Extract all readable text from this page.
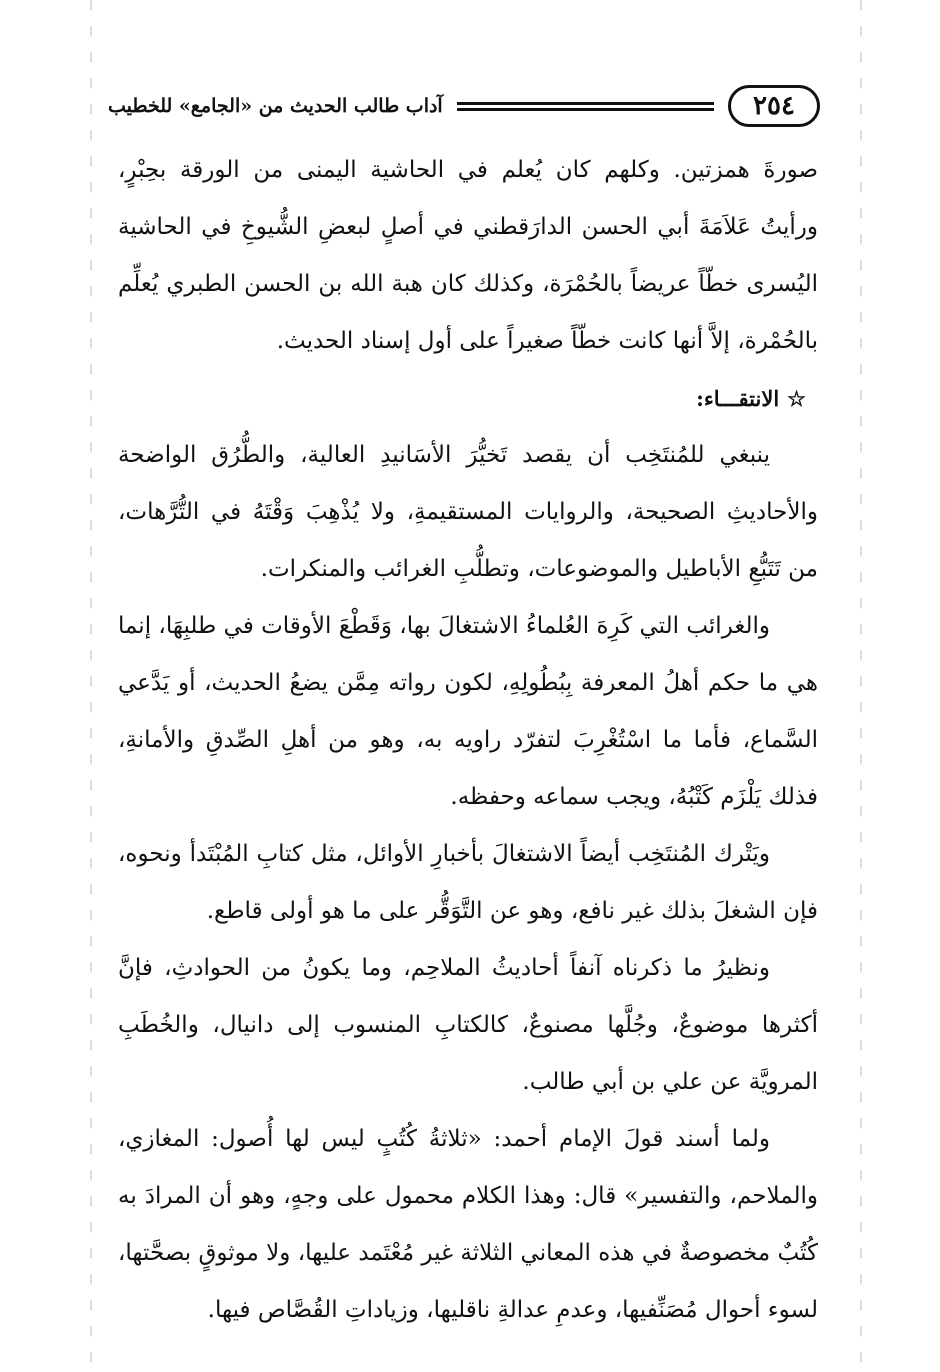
٢٥٤
آداب طالب الحديث من «الجامع» للخطيب

صورةَ همزتين. وكلهم كان يُعلم في الحاشية اليمنى من الورقة بحِبْرٍ، ورأيتُ عَلاَمَةَ أبي الحسن الدارَقطني في أصلٍ لبعضِ الشُّيوخِ في الحاشية اليُسرى خطّاً عريضاً بالحُمْرَة، وكذلك كان هبة الله بن الحسن الطبري يُعلِّم بالحُمْرة، إلاَّ أنها كانت خطّاً صغيراً على أول إسناد الحديث.

☆الانتقـــاء:

ينبغي للمُنتَخِب أن يقصد تَخيُّرَ الأسَانيدِ العالية، والطُّرُق الواضحة والأحاديثِ الصحيحة، والروايات المستقيمةِ، ولا يُذْهِبَ وَقْتَهُ في التُّرَّهات، من تَتَبُّعِ الأباطيل والموضوعات، وتطلُّبِ الغرائب والمنكرات.

والغرائب التي كَرِهَ العُلماءُ الاشتغالَ بها، وَقَطْعَ الأوقات في طلبِهَا، إنما هي ما حكم أهلُ المعرفة بِبُطُولِهِ، لكون رواته مِمَّن يضعُ الحديث، أو يَدَّعي السَّماع، فأما ما اسْتُغْرِبَ لتفرّد راويه به، وهو من أهلِ الصِّدقِ والأمانةِ، فذلك يَلْزَم كَتْبُهُ، ويجب سماعه وحفظه.

ويَتْرك المُنتَخِب أيضاً الاشتغالَ بأخبارِ الأوائل، مثل كتابِ المُبْتَدأ ونحوه، فإن الشغلَ بذلك غير نافع، وهو عن التَّوَقُّر على ما هو أولى قاطع.

ونظيرُ ما ذكرناه آنفاً أحاديثُ الملاحِم، وما يكونُ من الحوادثِ، فإنَّ أكثرها موضوعٌ، وجُلَّها مصنوعٌ، كالكتابِ المنسوب إلى دانيال، والخُطَبِ المرويَّة عن علي بن أبي طالب.

ولما أسند قولَ الإمام أحمد: «ثلاثةُ كُتُبٍ ليس لها أُصول: المغازي، والملاحم، والتفسير» قال: وهذا الكلام محمول على وجهٍ، وهو أن المرادَ به كُتُبٌ مخصوصةٌ في هذه المعاني الثلاثة غير مُعْتَمد عليها، ولا موثوقٍ بصحَّتها، لسوء أحوال مُصَنِّفيها، وعدمِ عدالةِ ناقليها، وزياداتِ القُصَّاص فيها.
